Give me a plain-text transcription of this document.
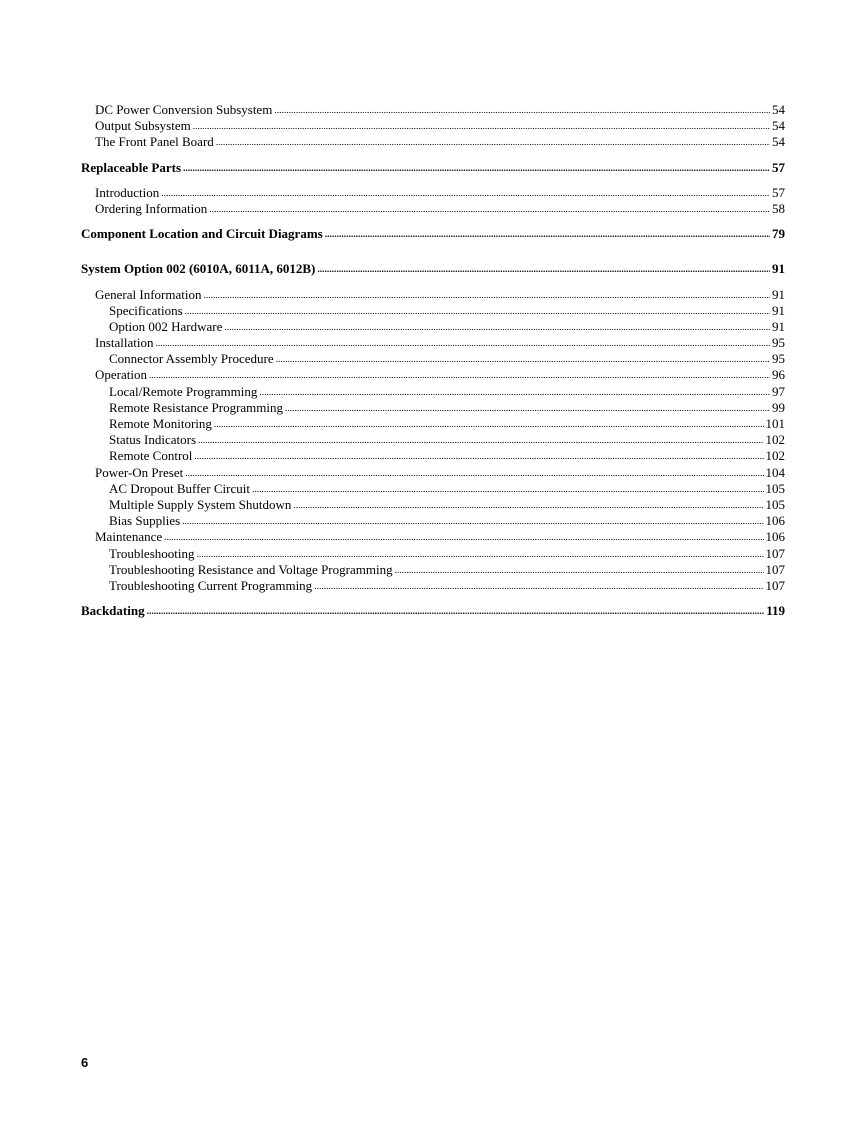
DC Power Conversion Subsystem .....	54
Output Subsystem .....	54
The Front Panel Board .....	54
Replaceable Parts .....	57
Introduction .....	57
Ordering Information .....	58
Component Location and Circuit Diagrams .....	79
System Option 002 (6010A, 6011A, 6012B) .....	91
General Information .....	91
Specifications .....	91
Option 002 Hardware .....	91
Installation .....	95
Connector Assembly Procedure .....	95
Operation .....	96
Local/Remote Programming .....	97
Remote Resistance Programming .....	99
Remote Monitoring .....	101
Status Indicators .....	102
Remote Control .....	102
Power-On Preset .....	104
AC Dropout Buffer Circuit .....	105
Multiple Supply System Shutdown .....	105
Bias Supplies .....	106
Maintenance .....	106
Troubleshooting .....	107
Troubleshooting Resistance and Voltage Programming .....	107
Troubleshooting Current Programming .....	107
Backdating .....	119
6
